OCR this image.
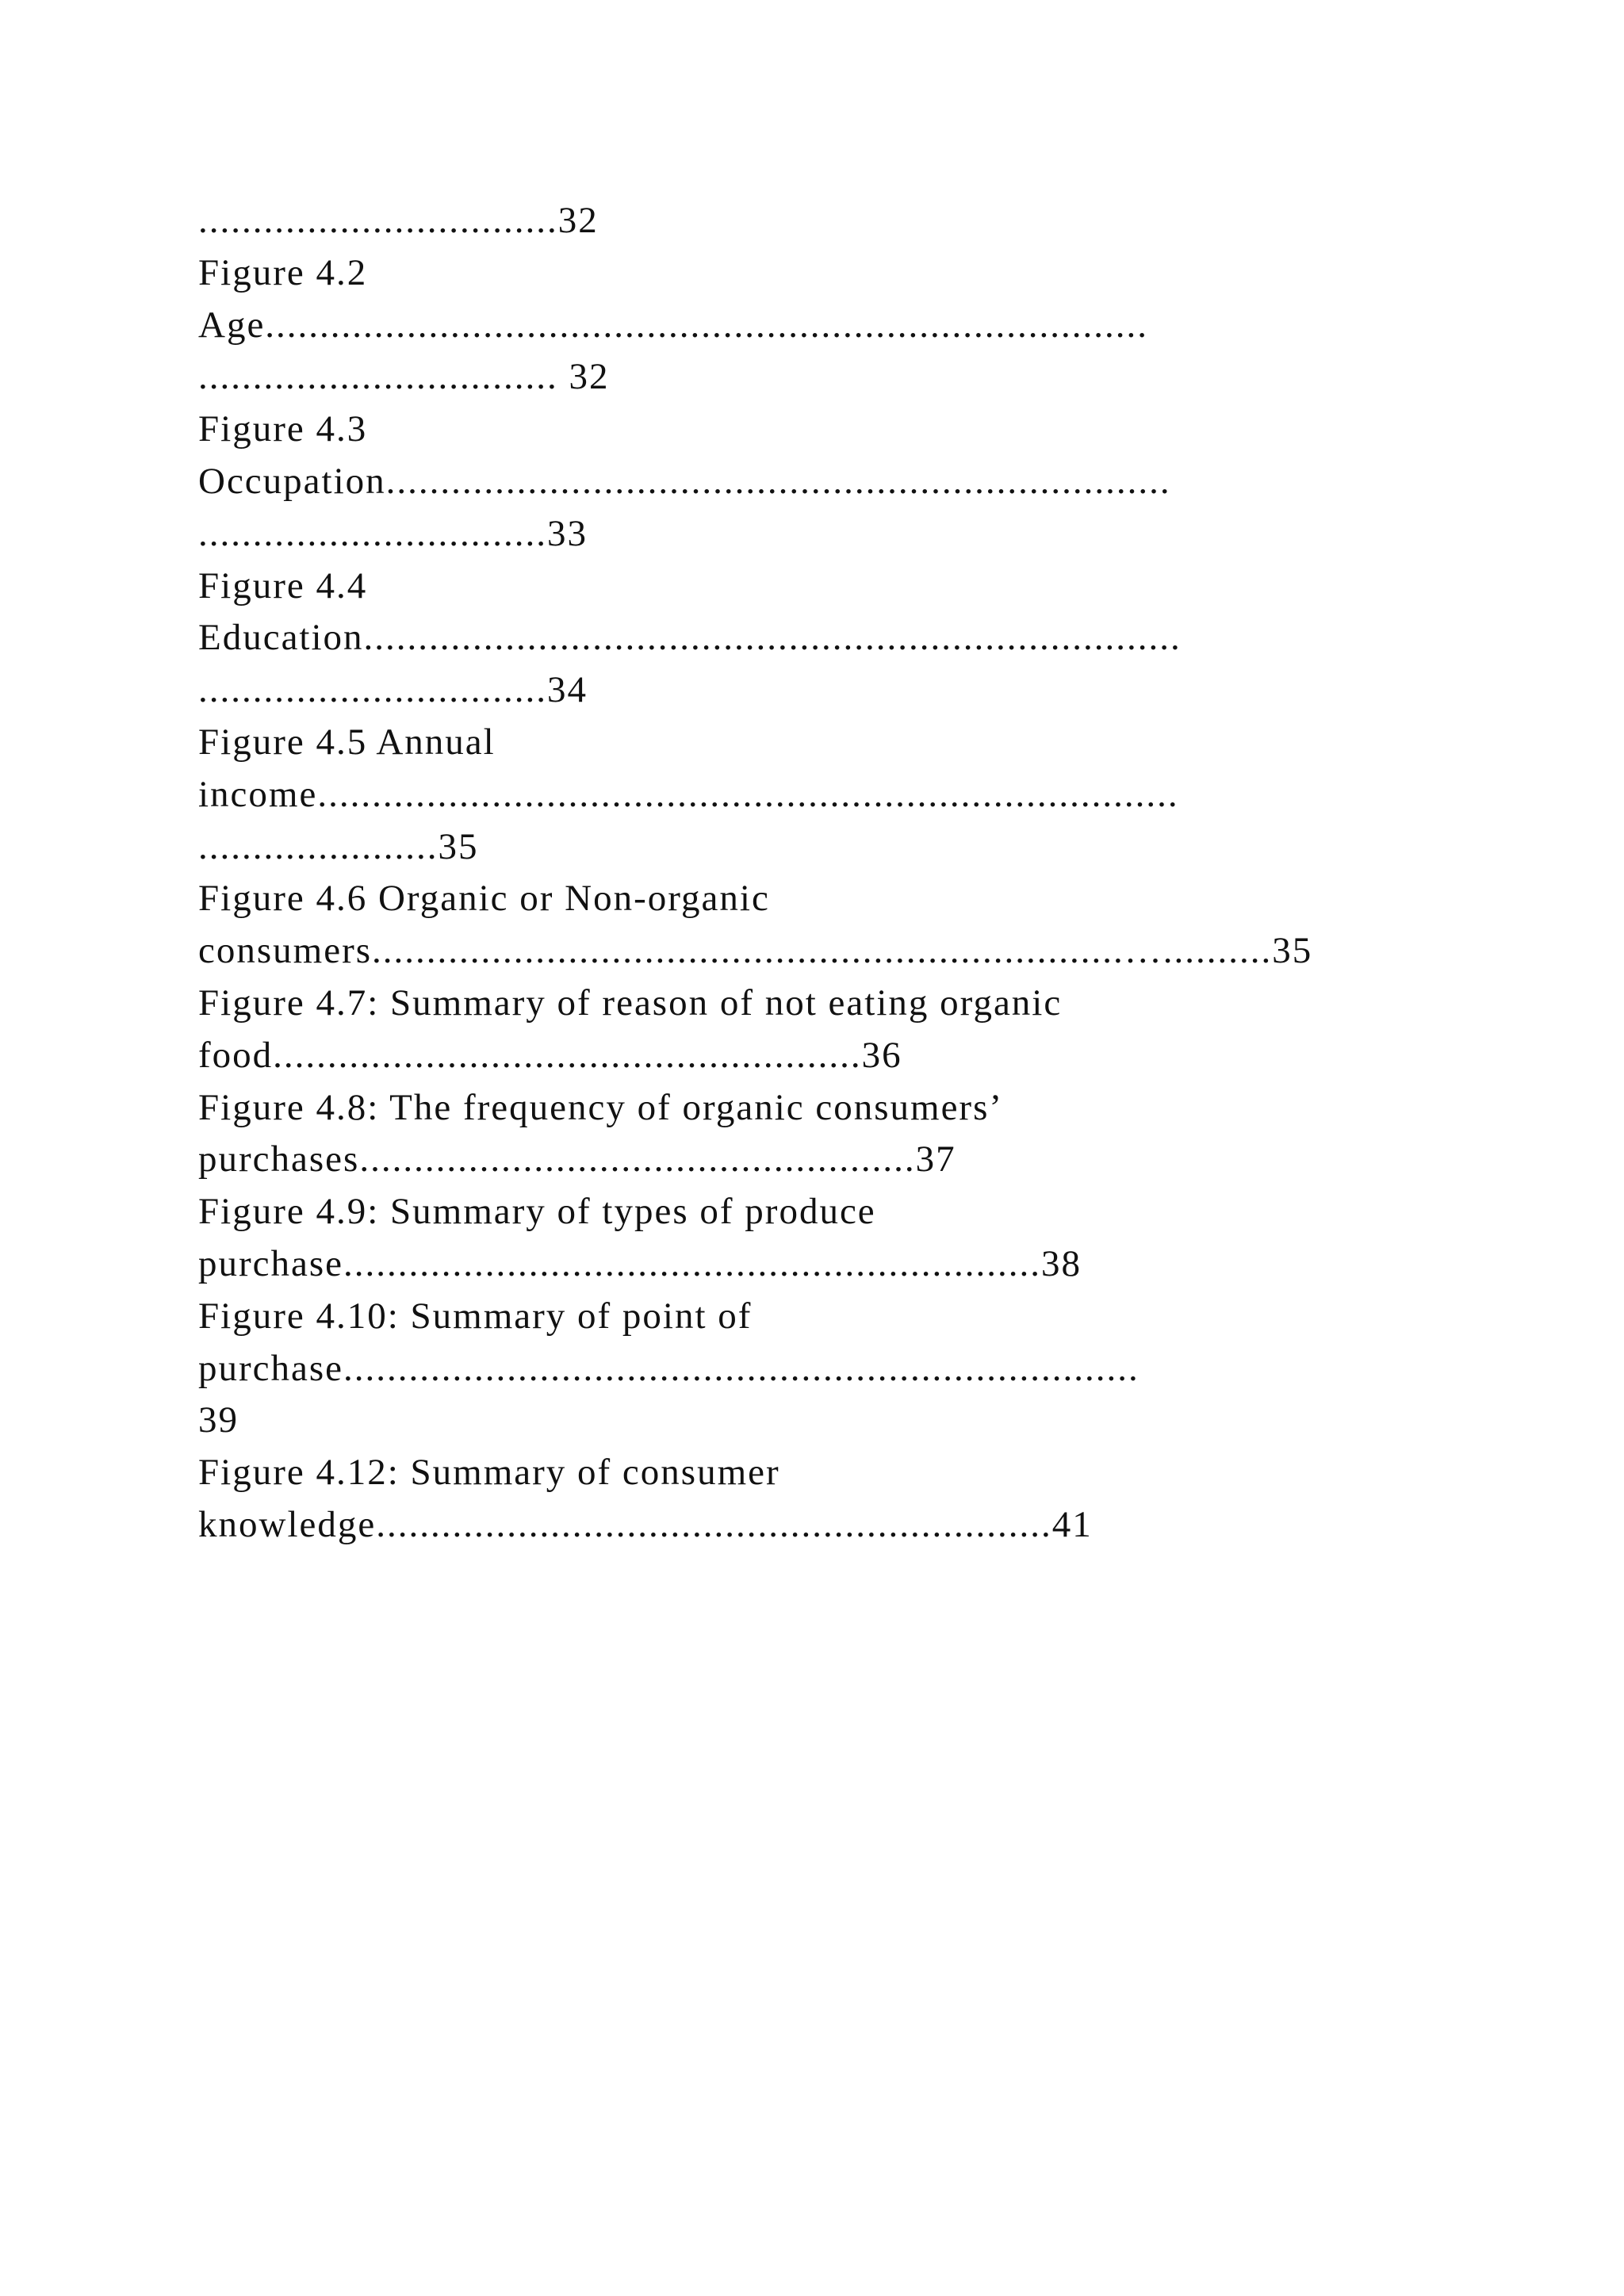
.................................32
Figure 4.2
Age.................................................................................
................................. 32
Figure 4.3
Occupation........................................................................
................................33
Figure 4.4
Education...........................................................................
................................34
Figure 4.5 Annual
income...............................................................................
......................35
Figure 4.6 Organic or Non-organic
consumers.....................................................................…..........35
Figure 4.7: Summary of reason of not eating organic
food......................................................36
Figure 4.8: The frequency of organic consumers’
purchases...................................................37
Figure 4.9: Summary of types of produce
purchase................................................................38
Figure 4.10: Summary of point of
purchase.........................................................................
39
Figure 4.12: Summary of consumer
knowledge..............................................................41
